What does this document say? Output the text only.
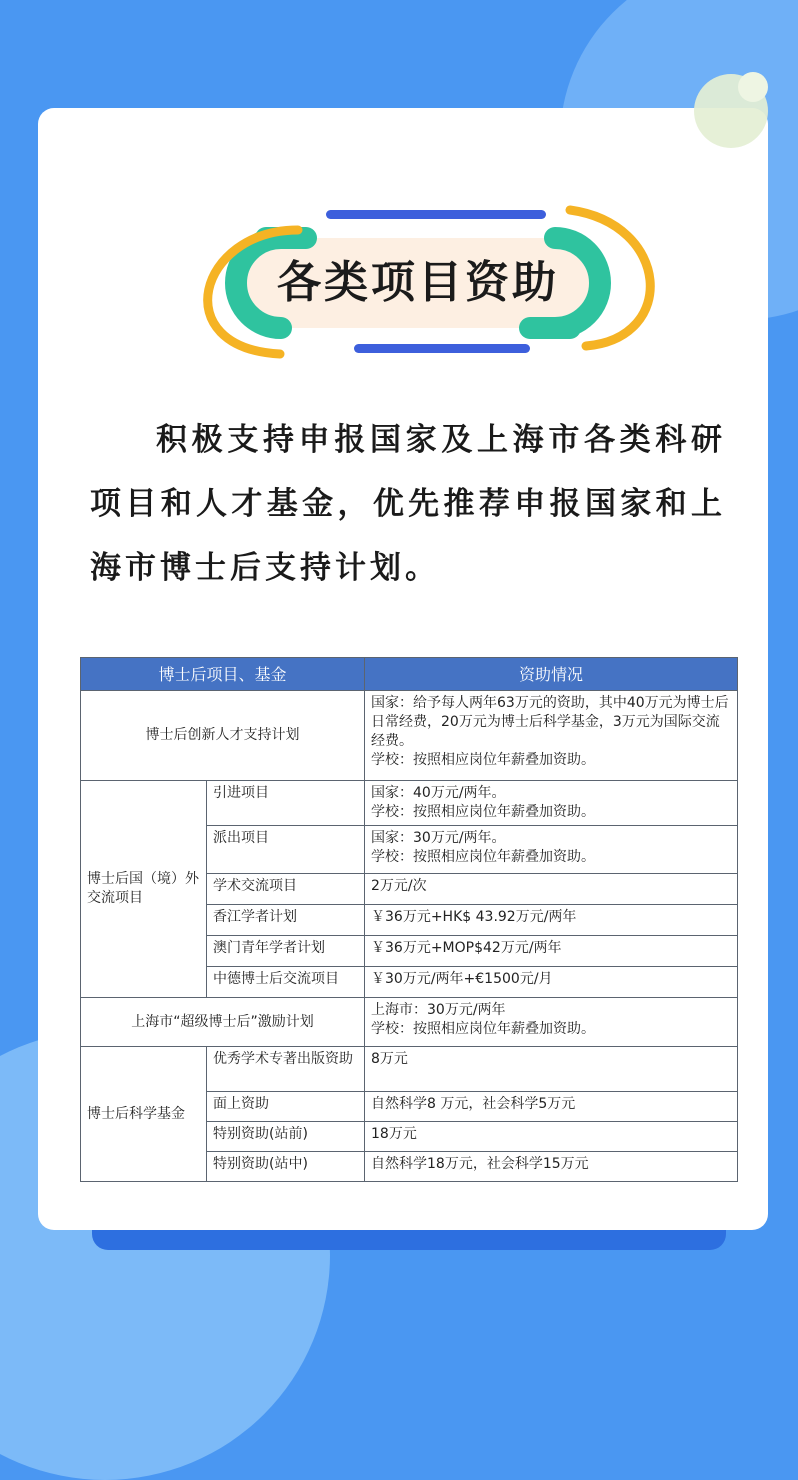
各类项目资助

积极支持申报国家及上海市各类科研项目和人才基金，优先推荐申报国家和上海市博士后支持计划。

博士后项目、基金		资助情况
博士后创新人才支持计划		国家：给予每人两年63万元的资助，其中40万元为博士后日常经费，20万元为博士后科学基金，3万元为国际交流经费。
学校：按照相应岗位年薪叠加资助。
博士后国（境）外交流项目	引进项目	国家：40万元/两年。
学校：按照相应岗位年薪叠加资助。
	派出项目	国家：30万元/两年。
学校：按照相应岗位年薪叠加资助。
	学术交流项目	2万元/次
	香江学者计划	￥36万元+HK$ 43.92万元/两年
	澳门青年学者计划	￥36万元+MOP$42万元/两年
	中德博士后交流项目	￥30万元/两年+€1500元/月
上海市“超级博士后”激励计划		上海市：30万元/两年
学校：按照相应岗位年薪叠加资助。
博士后科学基金	优秀学术专著出版资助	8万元
	面上资助	自然科学8 万元，社会科学5万元
	特别资助(站前)	18万元
	特别资助(站中)	自然科学18万元，社会科学15万元
